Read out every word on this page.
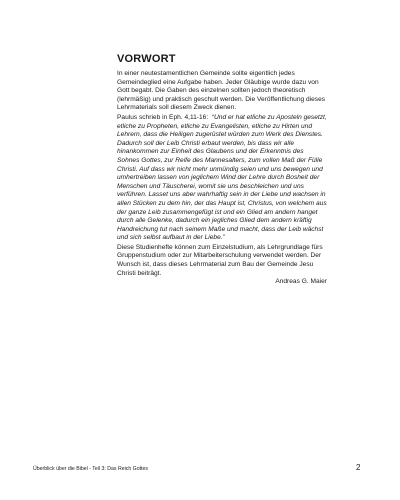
VORWORT

In einer neutestamentlichen Gemeinde sollte eigentlich jedes Gemeindeglied eine Aufgabe haben. Jeder Gläubige wurde dazu von Gott begabt. Die Gaben des einzelnen sollten jedoch theoretisch (lehrmäßig) und praktisch geschult werden. Die Veröffentlichung dieses Lehrmaterials soll diesem Zweck dienen.

Paulus schrieb in Eph. 4,11-16: “Und er hat etliche zu Aposteln gesetzt, etliche zu Propheten, etliche zu Evangelisten, etliche zu Hirten und Lehrern, dass die Heiligen zugerüstet würden zum Werk des Dienstes. Dadurch soll der Leib Christi erbaut werden, bis dass wir alle hinankommen zur Einheit des Glaubens und der Erkenntnis des Sohnes Gottes, zur Reife des Mannesalters, zum vollen Maß der Fülle Christi. Auf dass wir nicht mehr unmündig seien und uns bewegen und umhertreiben lassen von jeglichem Wind der Lehre durch Bosheit der Menschen und Täuscherei, womit sie uns beschleichen und uns verführen. Lasset uns aber wahrhaftig sein in der Liebe und wachsen in allen Stücken zu dem hin, der das Haupt ist, Christus, von welchem aus der ganze Leib zusammengefügt ist und ein Glied am andern hanget durch alle Gelenke, dadurch ein jegliches Glied dem andern kräftig Handreichung tut nach seinem Maße und macht, dass der Leib wächst und sich selbst aufbaut in der Liebe.”

Diese Studienhefte können zum Einzelstudium, als Lehrgrundlage fürs Gruppenstudium oder zur Mitarbeiterschulung verwendet werden. Der Wunsch ist, dass dieses Lehrmaterial zum Bau der Gemeinde Jesu Christi beiträgt.

Andreas G. Maier

Überblick über die Bibel - Teil 3: Das Reich Gottes	2
